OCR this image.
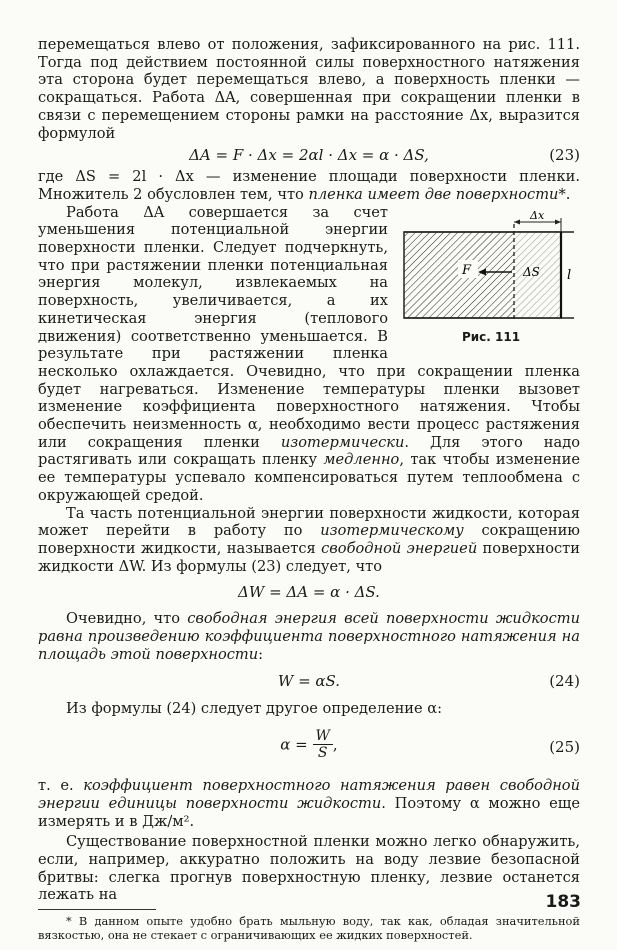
перемещаться влево от положения, зафиксированного на рис. 111. Тогда под действием постоянной силы поверхностного натяжения эта сторона будет перемещаться влево, а поверхность пленки — сокращаться. Работа ΔA, совершенная при сокращении пленки в связи с перемещением стороны рамки на расстояние Δx, выразится формулой

ΔA = F · Δx = 2αl · Δx = α · ΔS,	(23)

где ΔS = 2l · Δx — изменение площади поверхности пленки. Множитель 2 обусловлен тем, что пленка имеет две поверхности*.

Δx
F	ΔS l
Рис. 111

Работа ΔA совершается за счет уменьшения потенциальной энергии поверхности пленки. Следует подчеркнуть, что при растяжении пленки потенциальная энергия молекул, извлекаемых на поверхность, увеличивается, а их кинетическая энергия (теплового движения) соответственно уменьшается. В результате при растяжении пленка несколько охлаждается. Очевидно, что при сокращении пленка будет нагреваться. Изменение температуры пленки вызовет изменение коэффициента поверхностного натяжения. Чтобы обеспечить неизменность α, необходимо вести процесс растяжения или сокращения пленки изотермически. Для этого надо растягивать или сокращать пленку медленно, так чтобы изменение ее температуры успевало компенсироваться путем теплообмена с окружающей средой.

Та часть потенциальной энергии поверхности жидкости, которая может перейти в работу по изотермическому сокращению поверхности жидкости, называется свободной энергией поверхности жидкости ΔW. Из формулы (23) следует, что

ΔW = ΔA = α · ΔS.

Очевидно, что свободная энергия всей поверхности жидкости равна произведению коэффициента поверхностного натяжения на площадь этой поверхности:

W = αS.	(24)

Из формулы (24) следует другое определение α:

$\alpha = \frac{W}{S}$ ,	(25)

т. е. коэффициент поверхностного натяжения равен свободной энергии единицы поверхности жидкости. Поэтому α можно еще измерять и в Дж/м².

Существование поверхностной пленки можно легко обнаружить, если, например, аккуратно положить на воду лезвие безопасной бритвы: слегка прогнув поверхностную пленку, лезвие останется лежать на

* В данном опыте удобно брать мыльную воду, так как, обладая значительной вязкостью, она не стекает с ограничивающих ее жидких поверхностей.

183
